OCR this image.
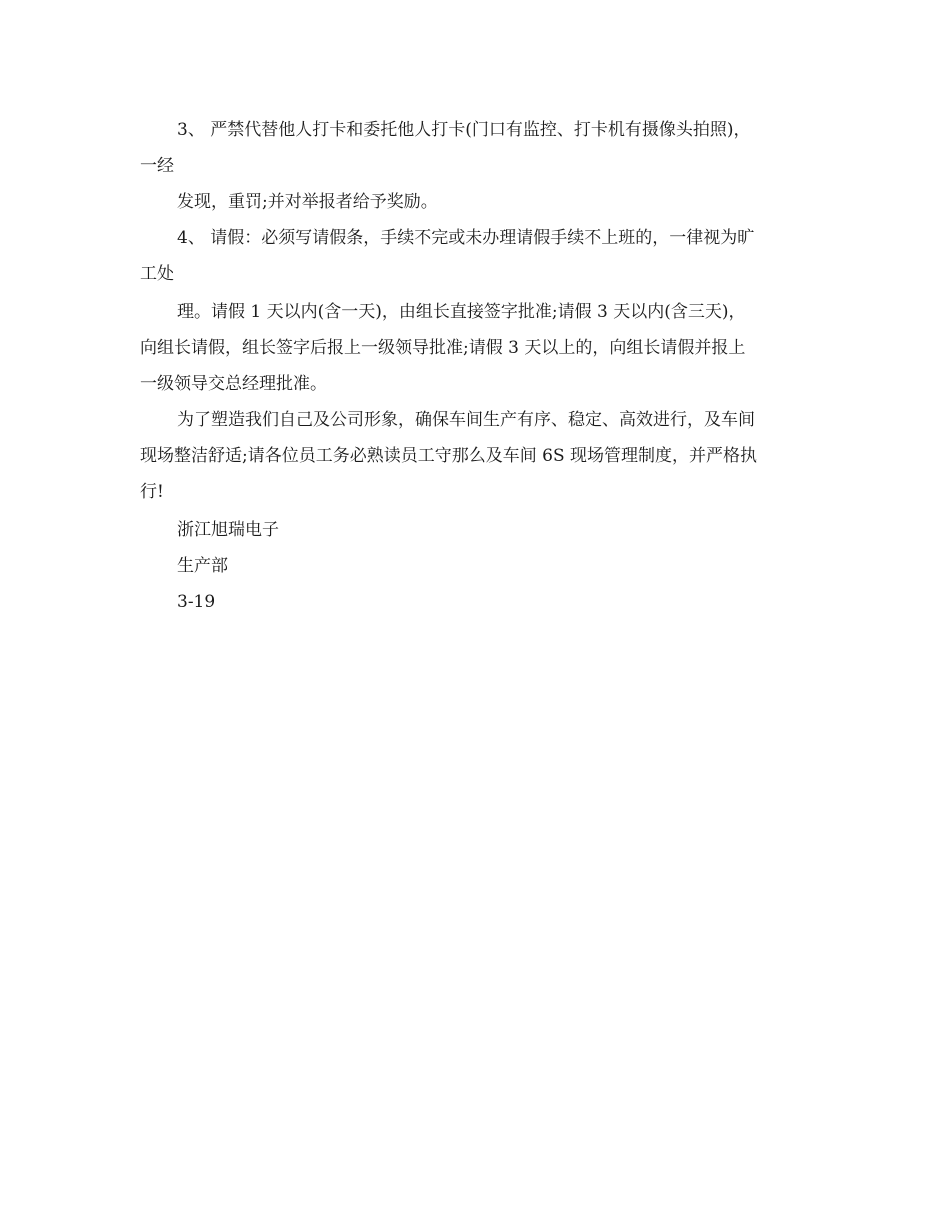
3、 严禁代替他人打卡和委托他人打卡(门口有监控、打卡机有摄像头拍照)，

一经

发现，重罚;并对举报者给予奖励。

4、 请假：必须写请假条，手续不完或未办理请假手续不上班的，一律视为旷

工处

理。请假 1 天以内(含一天)，由组长直接签字批准;请假 3 天以内(含三天)，

向组长请假，组长签字后报上一级领导批准;请假 3 天以上的，向组长请假并报上

一级领导交总经理批准。

为了塑造我们自己及公司形象，确保车间生产有序、稳定、高效进行，及车间

现场整洁舒适;请各位员工务必熟读员工守那么及车间 6S 现场管理制度，并严格执

行!

浙江旭瑞电子

生产部

3-19
